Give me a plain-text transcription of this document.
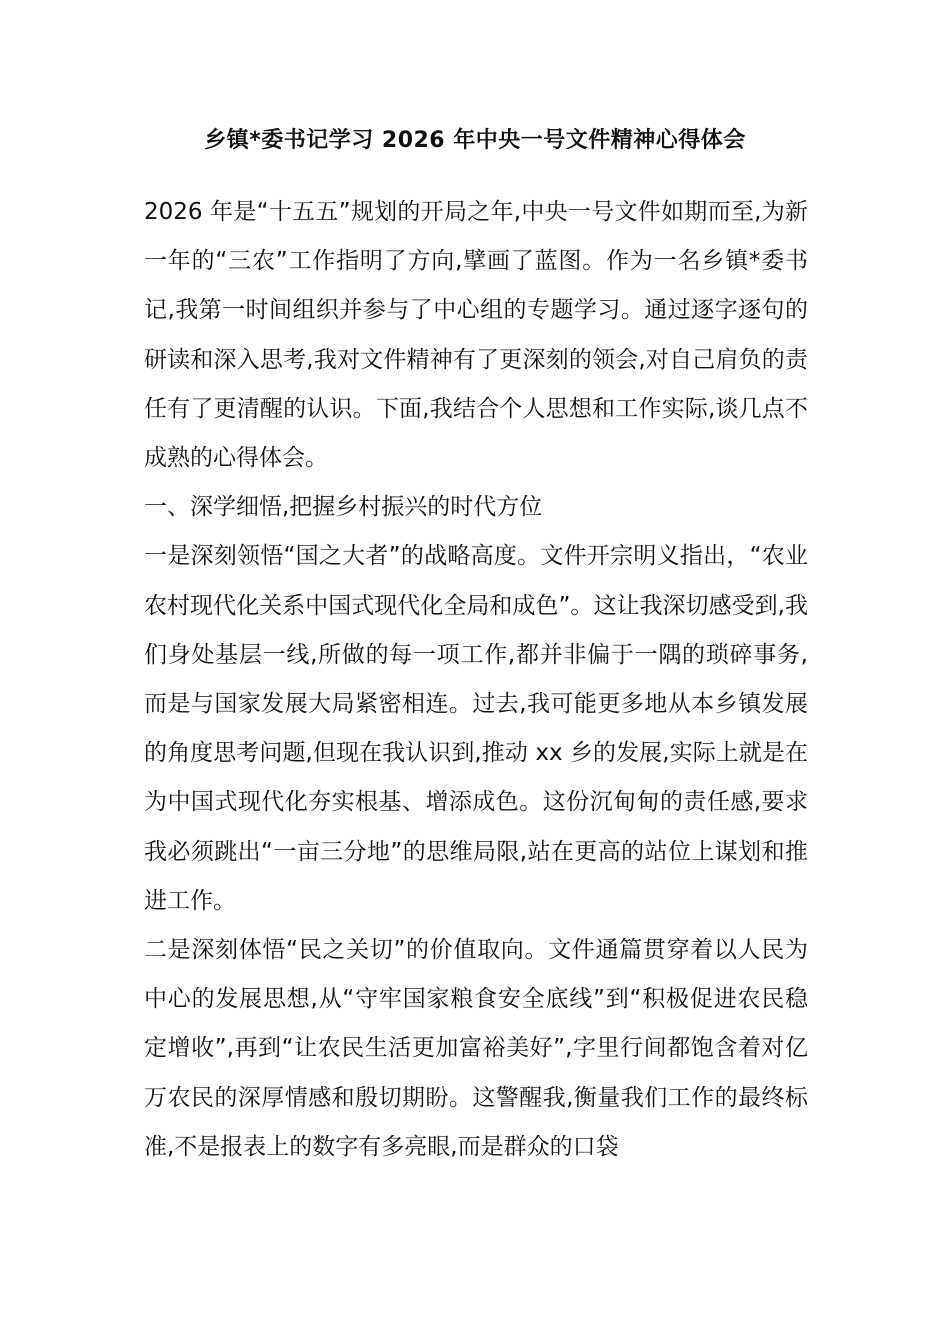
乡镇*委书记学习 2026 年中央一号文件精神心得体会

2026 年是“十五五”规划的开局之年,中央一号文件如期而至,为新一年的“三农”工作指明了方向,擘画了蓝图。作为一名乡镇*委书记,我第一时间组织并参与了中心组的专题学习。通过逐字逐句的研读和深入思考,我对文件精神有了更深刻的领会,对自己肩负的责任有了更清醒的认识。下面,我结合个人思想和工作实际,谈几点不成熟的心得体会。

一、深学细悟,把握乡村振兴的时代方位

一是深刻领悟“国之大者”的战略高度。文件开宗明义指出，“农业农村现代化关系中国式现代化全局和成色”。这让我深切感受到,我们身处基层一线,所做的每一项工作,都并非偏于一隅的琐碎事务,而是与国家发展大局紧密相连。过去,我可能更多地从本乡镇发展的角度思考问题,但现在我认识到,推动 xx 乡的发展,实际上就是在为中国式现代化夯实根基、增添成色。这份沉甸甸的责任感,要求我必须跳出“一亩三分地”的思维局限,站在更高的站位上谋划和推进工作。

二是深刻体悟“民之关切”的价值取向。文件通篇贯穿着以人民为中心的发展思想,从“守牢国家粮食安全底线”到“积极促进农民稳定增收”,再到“让农民生活更加富裕美好”,字里行间都饱含着对亿万农民的深厚情感和殷切期盼。这警醒我,衡量我们工作的最终标准,不是报表上的数字有多亮眼,而是群众的口袋
